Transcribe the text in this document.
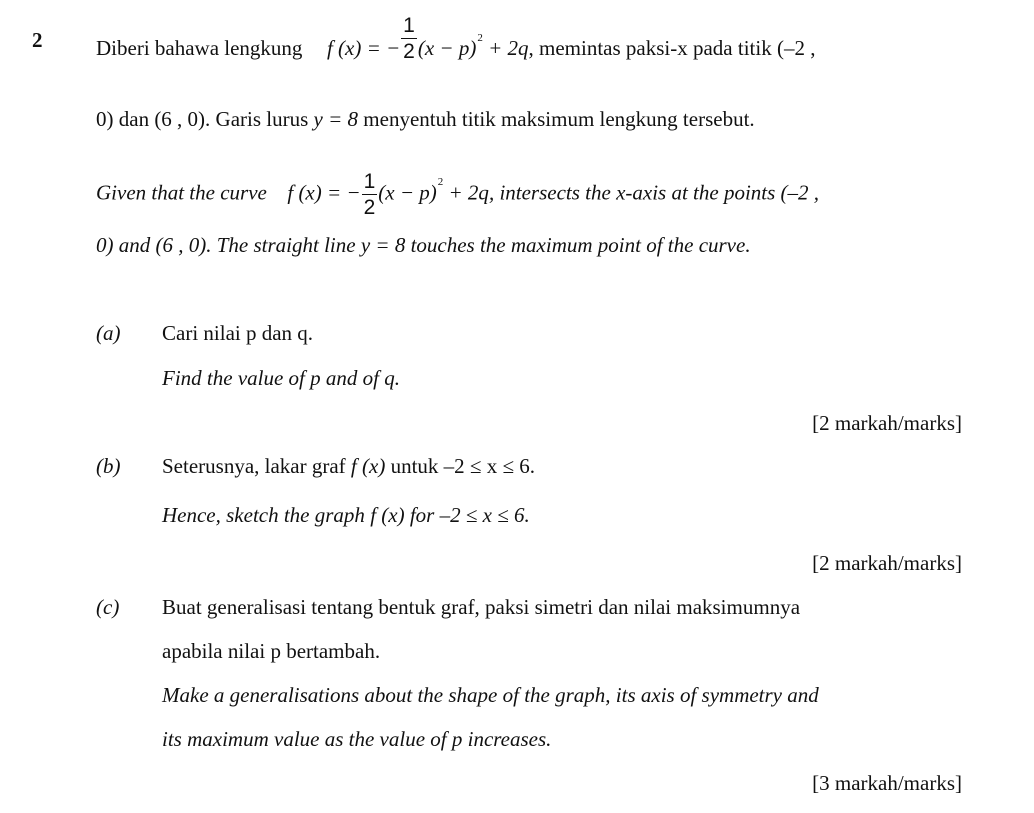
2	Diberi bahawa lengkung f (x) = − $\frac{1}{2} (x - p)^2 + 2q$, memintas paksi-x pada titik (–2 ,
0) dan (6 , 0). Garis lurus y = 8 menyentuh titik maksimum lengkung tersebut.
Given that the curve f (x) = − $\frac{1}{2} (x - p)^2 + 2q$, intersects the x-axis at the points (–2 ,
0) and (6 , 0). The straight line y = 8 touches the maximum point of the curve.
(a) Cari nilai p dan q.
Find the value of p and of q.
[2 markah/marks]
(b) Seterusnya, lakar graf f (x) untuk –2 ≤ x ≤ 6.
Hence, sketch the graph f (x) for –2 ≤ x ≤ 6.
[2 markah/marks]
(c) Buat generalisasi tentang bentuk graf, paksi simetri dan nilai maksimumnya
apabila nilai p bertambah.
Make a generalisations about the shape of the graph, its axis of symmetry and
its maximum value as the value of p increases.
[3 markah/marks]
